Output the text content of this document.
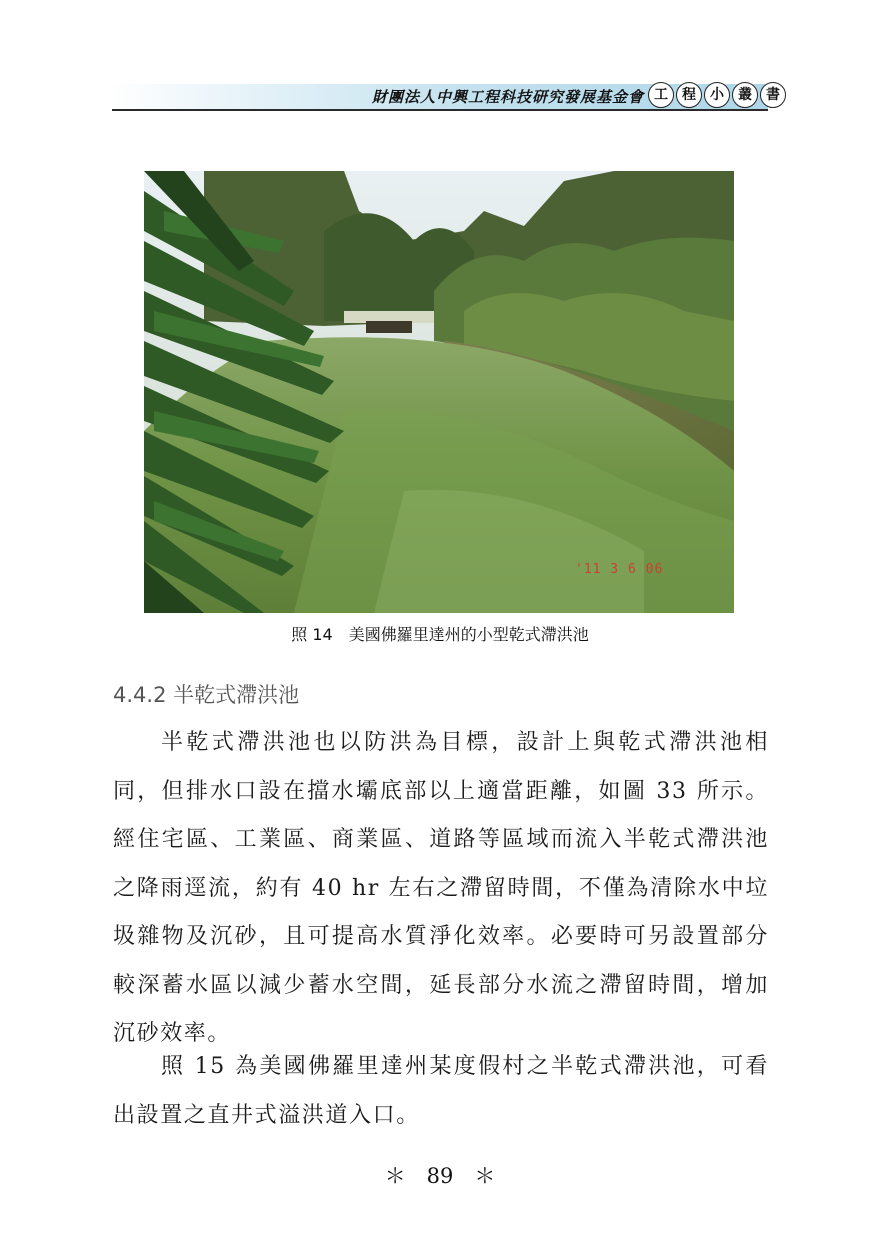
財團法人中興工程科技研究發展基金會 工	程	小	叢	書
'11 3 6 06
照 14　美國佛羅里達州的小型乾式滯洪池
4.4.2 半乾式滯洪池
半乾式滯洪池也以防洪為目標，設計上與乾式滯洪池相同，但排水口設在擋水壩底部以上適當距離，如圖 33 所示。經住宅區、工業區、商業區、道路等區域而流入半乾式滯洪池之降雨逕流，約有 40 hr 左右之滯留時間，不僅為清除水中垃圾雜物及沉砂，且可提高水質淨化效率。必要時可另設置部分較深蓄水區以減少蓄水空間，延長部分水流之滯留時間，增加沉砂效率。
照 15 為美國佛羅里達州某度假村之半乾式滯洪池，可看出設置之直井式溢洪道入口。
＊　89　＊
